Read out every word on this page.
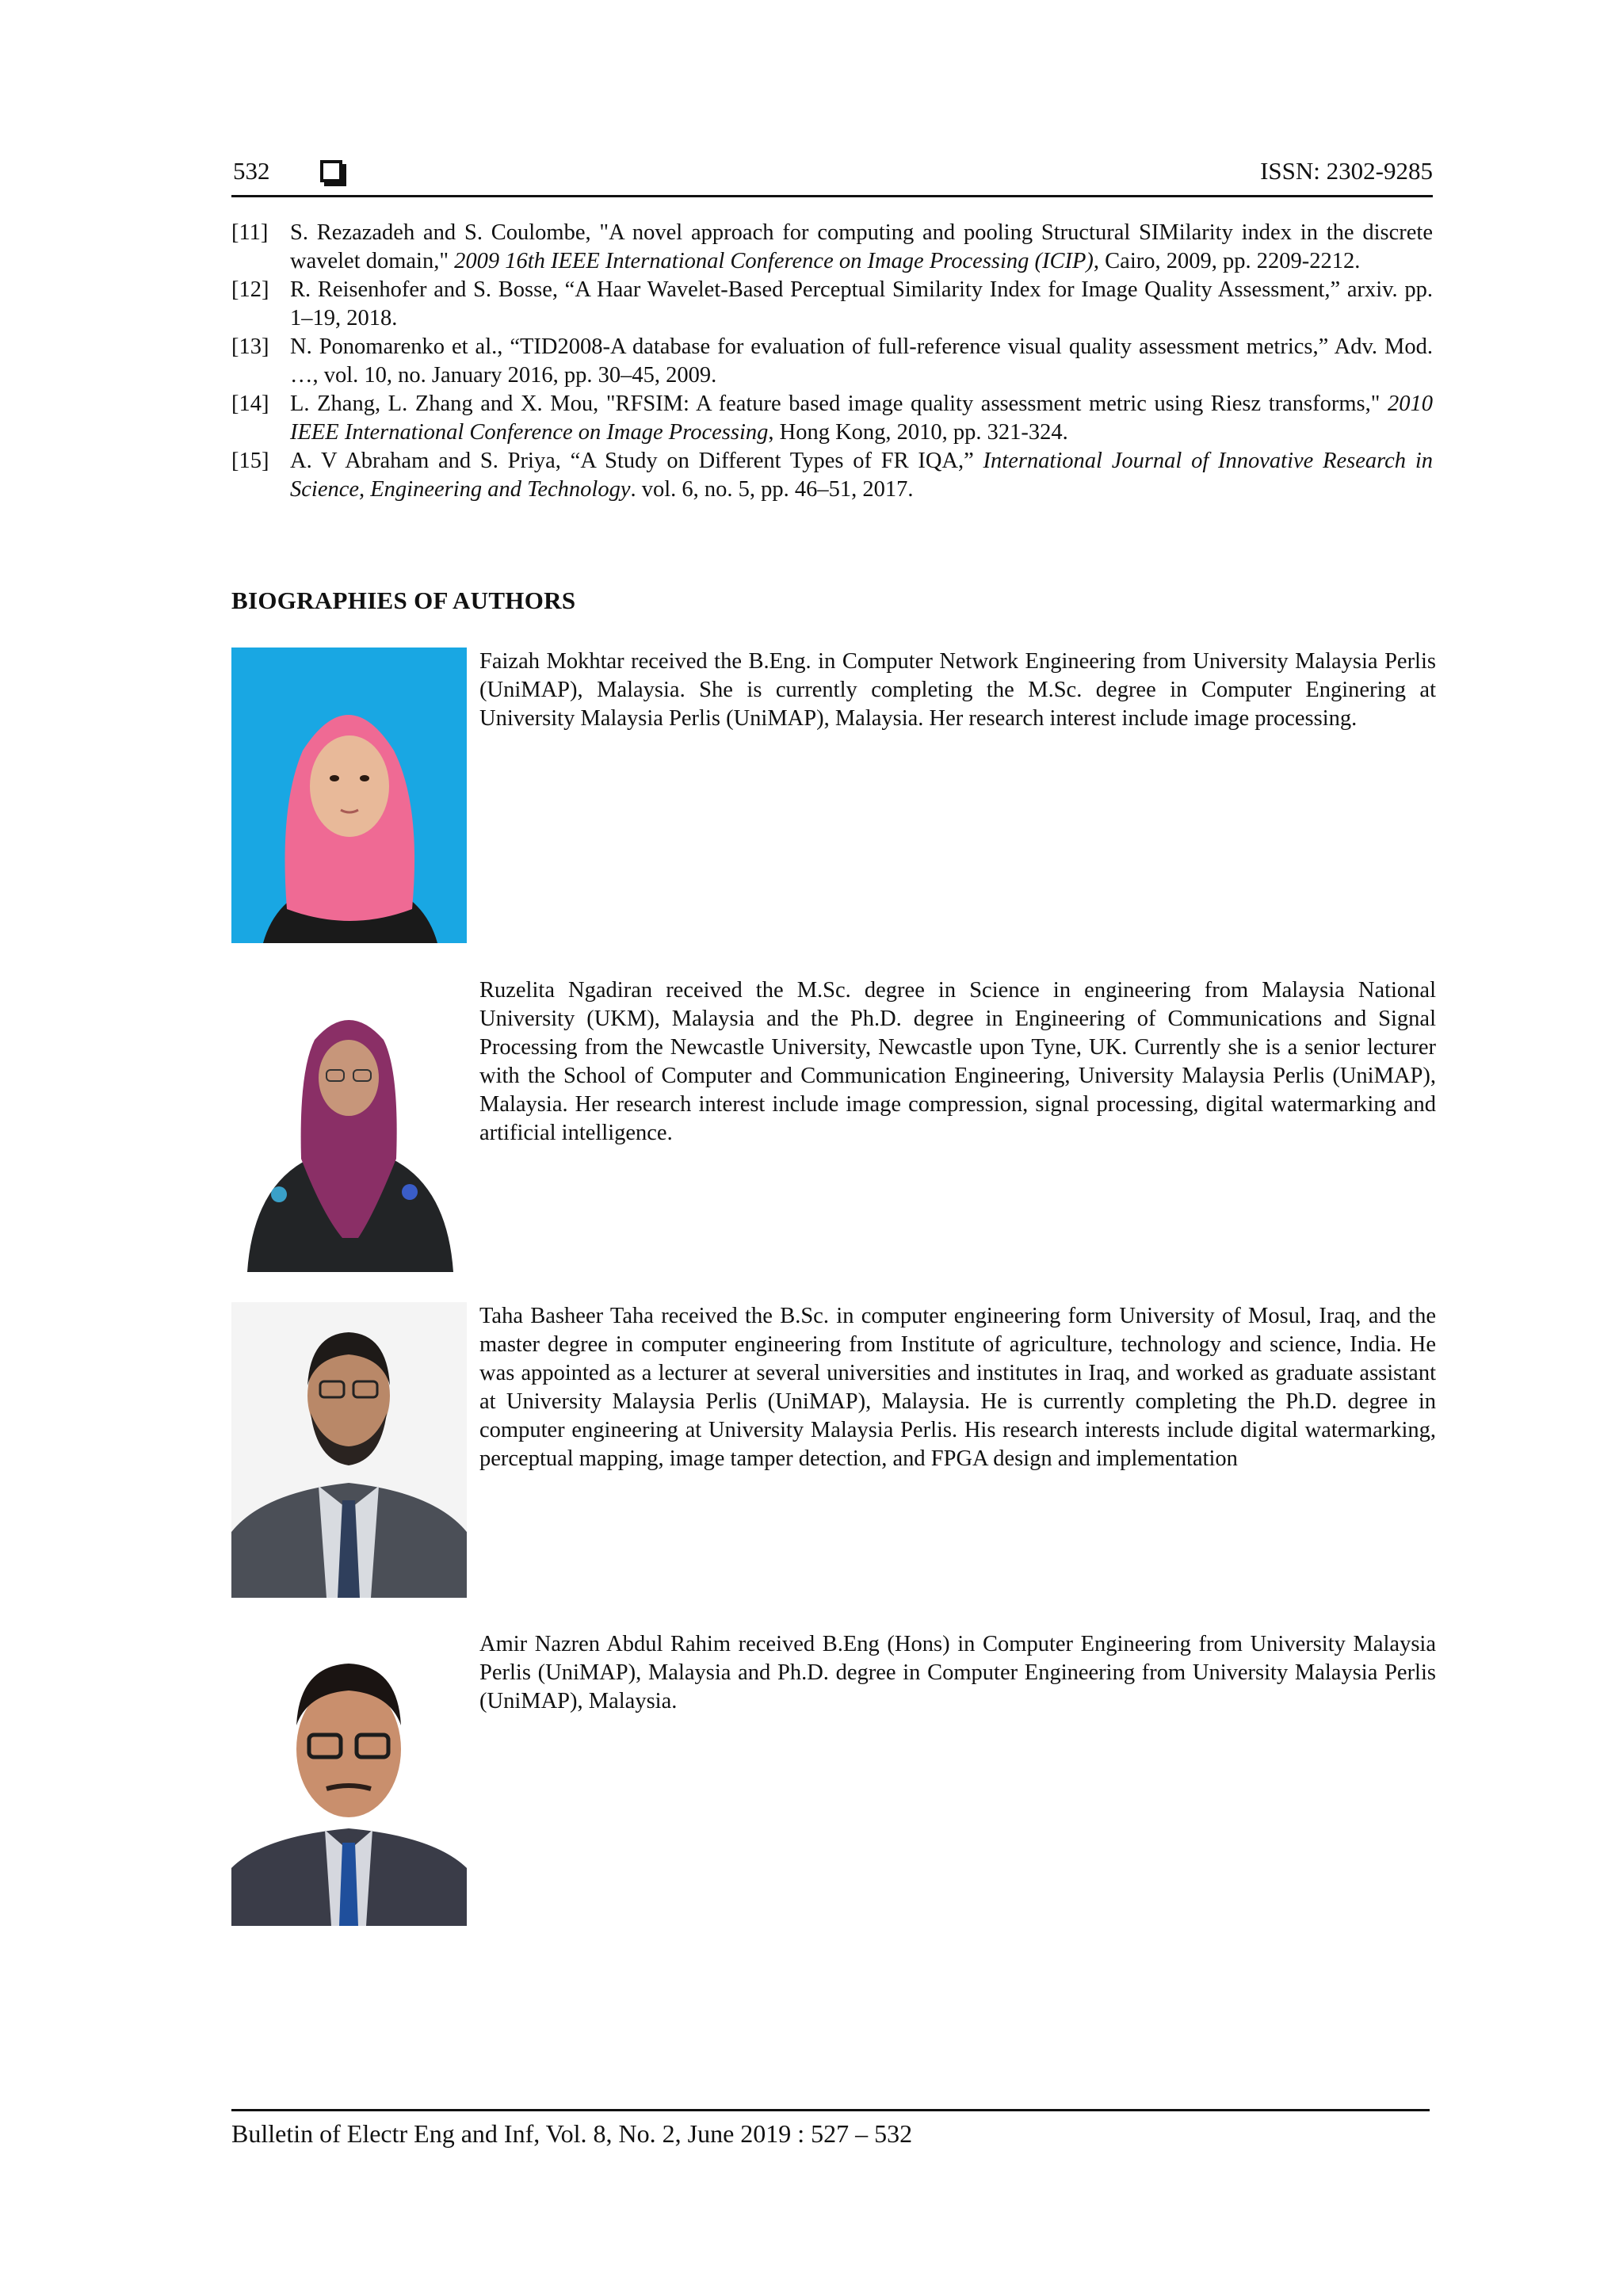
532	ISSN: 2302-9285
[11] S. Rezazadeh and S. Coulombe, "A novel approach for computing and pooling Structural SIMilarity index in the discrete wavelet domain," 2009 16th IEEE International Conference on Image Processing (ICIP), Cairo, 2009, pp. 2209-2212.
[12] R. Reisenhofer and S. Bosse, “A Haar Wavelet-Based Perceptual Similarity Index for Image Quality Assessment,” arxiv. pp. 1–19, 2018.
[13] N. Ponomarenko et al., “TID2008-A database for evaluation of full-reference visual quality assessment metrics,” Adv. Mod. …, vol. 10, no. January 2016, pp. 30–45, 2009.
[14] L. Zhang, L. Zhang and X. Mou, "RFSIM: A feature based image quality assessment metric using Riesz transforms," 2010 IEEE International Conference on Image Processing, Hong Kong, 2010, pp. 321-324.
[15] A. V Abraham and S. Priya, “A Study on Different Types of FR IQA,” International Journal of Innovative Research in Science, Engineering and Technology. vol. 6, no. 5, pp. 46–51, 2017.
BIOGRAPHIES OF AUTHORS
Faizah Mokhtar received the B.Eng. in Computer Network Engineering from University Malaysia Perlis (UniMAP), Malaysia. She is currently completing the M.Sc. degree in Computer Enginering at University Malaysia Perlis (UniMAP), Malaysia. Her research interest include image processing.
Ruzelita Ngadiran received the M.Sc. degree in Science in engineering from Malaysia National University (UKM), Malaysia and the Ph.D. degree in Engineering of Communications and Signal Processing from the Newcastle University, Newcastle upon Tyne, UK. Currently she is a senior lecturer with the School of Computer and Communication Engineering, University Malaysia Perlis (UniMAP), Malaysia. Her research interest include image compression, signal processing, digital watermarking and artificial intelligence.
Taha Basheer Taha received the B.Sc. in computer engineering form University of Mosul, Iraq, and the master degree in computer engineering from Institute of agriculture, technology and science, India. He was appointed as a lecturer at several universities and institutes in Iraq, and worked as graduate assistant at University Malaysia Perlis (UniMAP), Malaysia. He is currently completing the Ph.D. degree in computer engineering at University Malaysia Perlis. His research interests include digital watermarking, perceptual mapping, image tamper detection, and FPGA design and implementation
Amir Nazren Abdul Rahim received B.Eng (Hons) in Computer Engineering from University Malaysia Perlis (UniMAP), Malaysia and Ph.D. degree in Computer Engineering from University Malaysia Perlis (UniMAP), Malaysia.
Bulletin of Electr Eng and Inf, Vol. 8, No. 2, June 2019 : 527 – 532
